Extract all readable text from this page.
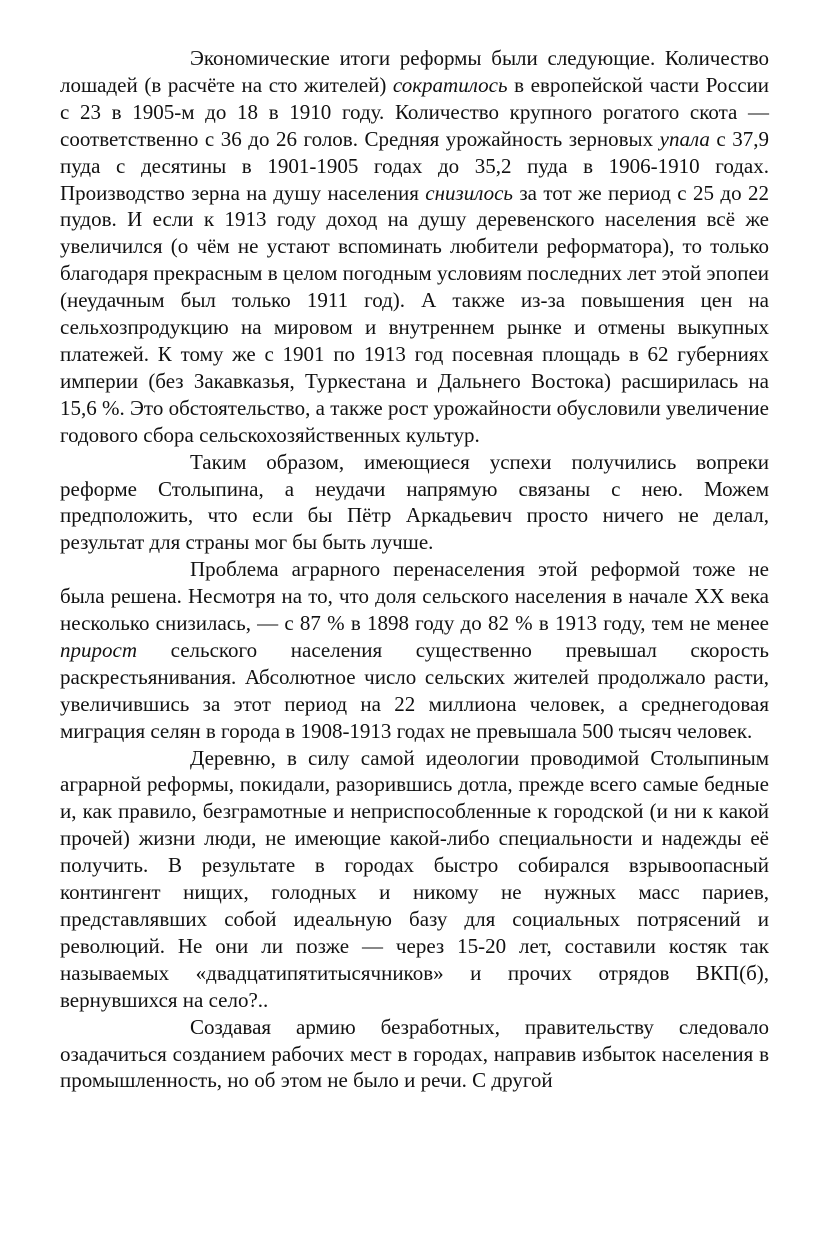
Экономические итоги реформы были следующие. Количество лошадей (в расчёте на сто жителей) сократилось в европейской части России с 23 в 1905-м до 18 в 1910 году. Количество крупного рогатого скота — соответственно с 36 до 26 голов. Средняя урожайность зерновых упала с 37,9 пуда с десятины в 1901-1905 годах до 35,2 пуда в 1906-1910 годах. Производство зерна на душу населения снизилось за тот же период с 25 до 22 пудов. И если к 1913 году доход на душу деревенского населения всё же увеличился (о чём не устают вспоминать любители реформатора), то только благодаря прекрасным в целом погодным условиям последних лет этой эпопеи (неудачным был только 1911 год). А также из-за повышения цен на сельхозпродукцию на мировом и внутреннем рынке и отмены выкупных платежей. К тому же с 1901 по 1913 год посевная площадь в 62 губерниях империи (без Закавказья, Туркестана и Дальнего Востока) расширилась на 15,6 %. Это обстоятельство, а также рост урожайности обусловили увеличение годового сбора сельскохозяйственных культур.

Таким образом, имеющиеся успехи получились вопреки реформе Столыпина, а неудачи напрямую связаны с нею. Можем предположить, что если бы Пётр Аркадьевич просто ничего не делал, результат для страны мог бы быть лучше.

Проблема аграрного перенаселения этой реформой тоже не была решена. Несмотря на то, что доля сельского населения в начале XX века несколько снизилась, — с 87 % в 1898 году до 82 % в 1913 году, тем не менее прирост сельского населения существенно превышал скорость раскрестьянивания. Абсолютное число сельских жителей продолжало расти, увеличившись за этот период на 22 миллиона человек, а среднегодовая миграция селян в города в 1908-1913 годах не превышала 500 тысяч человек.

Деревню, в силу самой идеологии проводимой Столыпиным аграрной реформы, покидали, разорившись дотла, прежде всего самые бедные и, как правило, безграмотные и неприспособленные к городской (и ни к какой прочей) жизни люди, не имеющие какой-либо специальности и надежды её получить. В результате в городах быстро собирался взрывоопасный контингент нищих, голодных и никому не нужных масс париев, представлявших собой идеальную базу для социальных потрясений и революций. Не они ли позже — через 15-20 лет, составили костяк так называемых «двадцатипятитысячников» и прочих отрядов ВКП(б), вернувшихся на село?..

Создавая армию безработных, правительству следовало озадачиться созданием рабочих мест в городах, направив избыток населения в промышленность, но об этом не было и речи. С другой
